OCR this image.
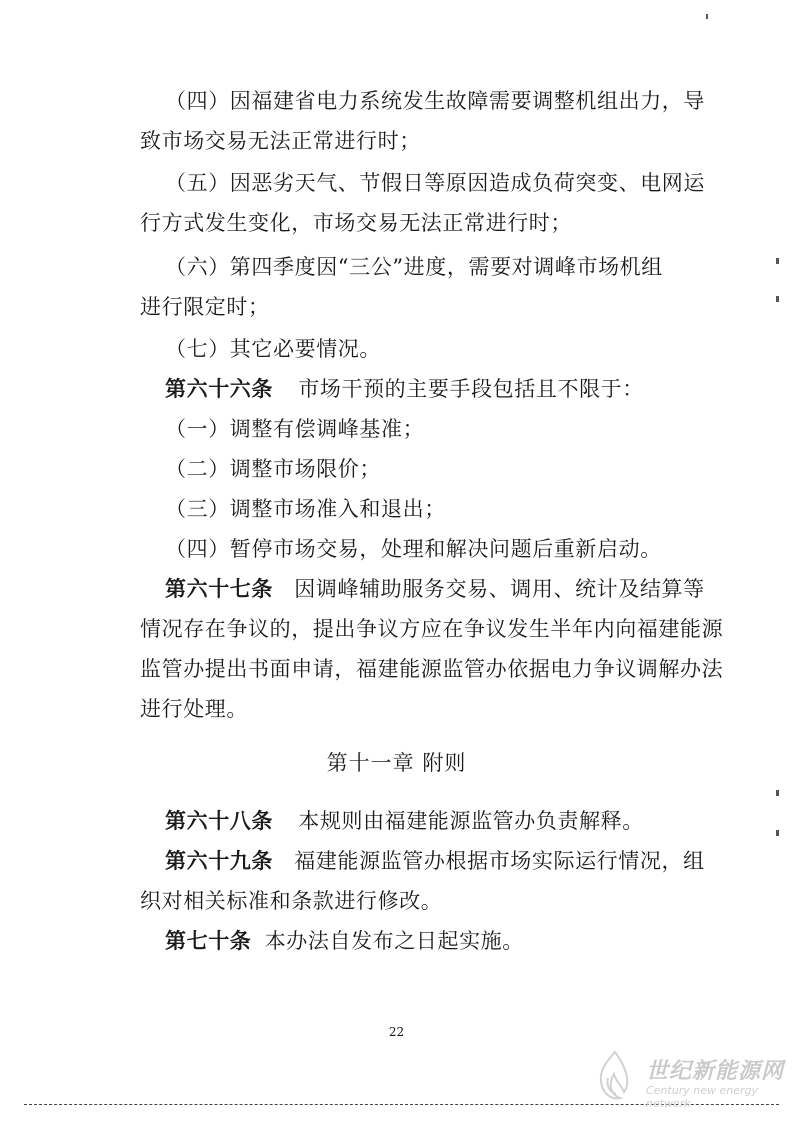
（四）因福建省电力系统发生故障需要调整机组出力，导
致市场交易无法正常进行时；
（五）因恶劣天气、节假日等原因造成负荷突变、电网运
行方式发生变化，市场交易无法正常进行时；
（六）第四季度因“三公”进度，需要对调峰市场机组
进行限定时；
（七）其它必要情况。
第六十六条 市场干预的主要手段包括且不限于：
（一）调整有偿调峰基准；
（二）调整市场限价；
（三）调整市场准入和退出；
（四）暂停市场交易，处理和解决问题后重新启动。
第六十七条 因调峰辅助服务交易、调用、统计及结算等
情况存在争议的，提出争议方应在争议发生半年内向福建能源
监管办提出书面申请，福建能源监管办依据电力争议调解办法
进行处理。
第十一章 附则
第六十八条 本规则由福建能源监管办负责解释。
第六十九条 福建能源监管办根据市场实际运行情况，组
织对相关标准和条款进行修改。
第七十条 本办法自发布之日起实施。
22
世纪新能源网
Century new energy network
